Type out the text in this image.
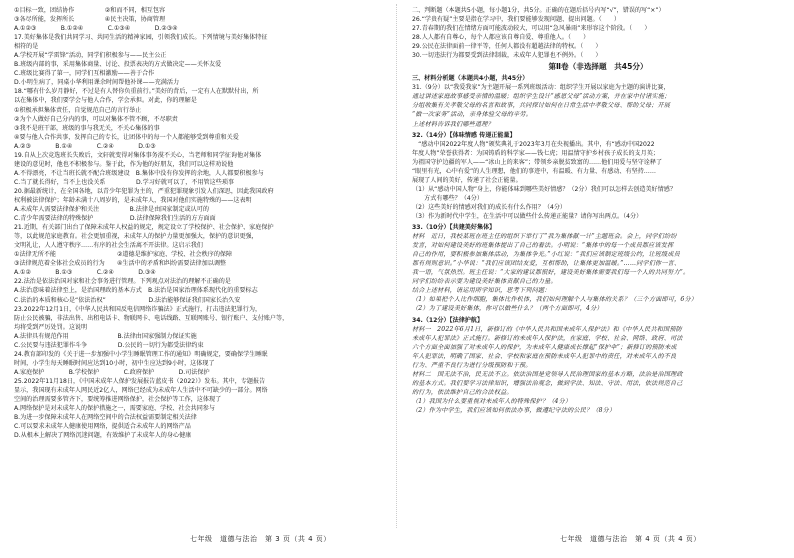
①目标一致，团结协作　　　　　②和而不同，相互包容
③各尽所能，发挥所长　　　　　④民主决策，协商管理
A.①②③　　　　B.①②④　　　　C.①③④　　　　D.②③④
17.美好集体是我们共同学习、共同生活的精神家园，引领我们成长。下列情境与美好集体特征
相符的是
A.学校开展“学雷锋”活动，同学们积极参与——民主公正
B.班级内部的事，采用集体商量、讨论、投票表决的方式做决定——关怀友爱
C.班级比赛得了第一，同学们互相激励——善于合作
D.小明生病了，同桌小华利用课余时间帮他补课——充满活力
18.“哪有什么岁月静好，不过是有人替你负重前行。”美好的背后，一定有人在默默付出，所
以在集体中，我们要学会与他人合作，学会承担。对此，你的理解是
①积极承担集体责任，自觉规范自己的言行举止
②为个人做好自己分内的事，可以对集体不管不顾，不尽职责
③我不是班干部，班级的事与我无关，不关心集体的事
④要与他人合作共事，发挥自己的专长，让团体中的每一个人都能够受到尊重和关爱
A.②③　　　　B.①④　　　　C.②④　　　　D.①③
19.自从上次竞选班长失败后，文轩就变得对集体事务漠不关心，当老师和同学征询他对集体
建设的意见时，他也不积极参与。鉴于此，作为他的好朋友，我们可以这样劝说他
A.不得漂亮，不让当班长就不配合班级建设　B.集体中没有你发挥的余地，人人都要积极参与
C.当了就长得好，当不上也没关系　　　　　D.学习好就可以了，不用管这些琐事
20.据最新统计，在全国各地，以青少年犯罪为主的，严重犯罪现象引发人们深思，因此我国政府
权利被法律保护；年龄未满十八周岁的，是未成年人，我国对他们实施特殊的——这表明
A.未成年人需要法律保护和关注　　　　　B.法律是由国家制定或认可的
C.青少年需要法律的特殊保护　　　　　　D.法律保障我们生活的方方面面
21.近期，有关部门出台了保障未成年人权益的规定，规定设立了学校保护、社会保护、家庭保护
等，以此规范家庭教育。社会更加重视，未成年人的保护力量更加强大，保护的意识更强，
文明礼让，人人遵守秩序……有序的社会生活离不开法律。这启示我们
①法律无所不能　　　　　　　　　　②道德是维护家庭、学校、社会秩序的保障
③法律规范着全体社会成员的行为　　④生活中的矛盾和纠纷需要法律加以调整
A.①②　　　　B.①③　　　　C.②④　　　　D.③④
22.法治是依法治国对家和社会事务进行管理。下列观点对法治的理解不正确的是
A.法治意味着法律至上，是治国理政的基本方式　B.法治是国家治理体系现代化的重要标志
C.法治的本质和核心是“依法治权”　　　　　　　D.法治能够保证我们国家长治久安
23.2022年12月1日，《中华人民共和国反电信网络诈骗法》正式施行，打击违法犯罪行为，
防止公民被骗，非法出售、出租电话卡、物联网卡、电话线路、互联网账号、银行账户、支付账户等，
均将受到严厉处罚。这说明
A.法律具有规范作用　　　　　　　　B.法律由国家强制力保证实施
C.公民要与违法犯罪作斗争　　　　　D.公民的一切行为都受法律约束
24.教育部印发的《关于进一步加强中小学生睡眠管理工作的通知》明确规定，要确保学生睡眠
时间，小学生每天睡眠时间应达到10小时，初中生应达到9小时，这体现了
A.家庭保护　　　　B.学校保护　　　　C.政府保护　　　　D.司法保护
25.2022年11月18日，《中国未成年人保护发展报告蓝皮书（2022）》发布。其中，专题报告
显示，我国现有未成年人网民近2亿人，网络已经成为未成年人生活中不可缺少的一部分。网络
空间的治理需要多管齐下，要统筹推进网络保护，社会保护等工作，这体现了
A.网络保护是对未成年人的保护措施之一，需要家庭、学校、社会共同参与
B.为进一步保障未成年人在网络空间中的合法权益需要制定相关法律
C.可以要求未成年人健康使用网络，提供适合未成年人的网络产品
D.从根本上解决了网络沉迷问题，有效维护了未成年人的身心健康
二、判断题（本题共5小题，每小题1分，共5分。正确的在题后括号内写“√”，错误的写“×”）
26.“学贵有疑”主要是指在学习中，我们要能够发现问题、提出问题。（　　）
27.青春期的我们在情绪方面可能波动较大，可以用“急风暴雨”来形容这个阶段。（　　）
28.人人都有自尊心，每个人都应该自尊自爱、尊重他人。（　　）
29.公民在法律面前一律平等，任何人都没有超越法律的特权。（　　）
30.一切违法行为都要受到法律制裁，未成年人犯罪也不例外。（　　）
第Ⅱ卷（非选择题　共45分）
三、材料分析题（本题共4小题，共45分）
31.（9分）以“我爱我家”为主题开展一系列班级活动：组织学生开展以家庭为主题的演讲比赛，
通过讲述家庭故事感受亲情的温暖；组织学生设计“感恩父母”活动方案，并在家中付诸实施；
分组收集有关孝敬父母的名言和故事，共同探讨如何在日常生活中孝敬父母、帮助父母；开展
“做一次家务”活动，亲身体验父母的辛劳。
上述材料告诉我们哪些道理？
32.（14分）【体味情感 传递正能量】
　“感动中国2022年度人物”颁奖典礼于2023年3月在央视播出。其中，有“感动中国2022
年度人物”荣誉获得者：为国铸盾的科学家——钱七虎；用温情守护乡村孩子成长的支月英；
为祖国守护边疆的军人——“冰山上的来客”；带领乡亲脱贫致富的……他们用爱与坚守诠释了
“眼里有光，心中有爱”的人生理想，他们的事迹中，有温暖、有力量、有感动、有坚持……
展现了人间的美好，传递了社会正能量。
（1）从“感动中国人物”身上，你能体味到哪些美好情感？（2分）我们可以怎样去创造美好情感？
　　方式有哪些？（4分）
（2）这些美好的情感对我们的成长有什么作用？（4分）
（3）作为新时代中学生，在生活中可以做些什么传递正能量？请你写出两点。（4分）
33.（10分）【共建美好集体】
材料　近日，我校某班在班主任的组织下举行了“我为集体献一计”主题班会。会上，同学们纷纷
发言，对如何建设美好的班集体提出了自己的看法。小明说：“集体中的每一个成员都应该发挥
自己的作用，要积极参加集体活动，为集体争光。”小红说：“我们应该制定班级公约，让班级成员
都有规则意识。”小华说：“我们应该团结友爱，互相帮助，让集体更加温暖。”……同学们你一言、
我一语，气氛热烈。班主任说：“大家的建议都很好，建设美好集体需要我们每一个人的共同努力”。
同学们纷纷表示要为建设美好集体贡献自己的力量。
结合上述材料，请运用所学知识，思考下列问题：
（1）如果把个人比作细胞，集体比作机体，我们如何理解个人与集体的关系？（三个方面即可，6分）
（2）为了建设美好集体，你可以做些什么？（两个方面即可，4分）
34.（12分）【法律护航】
材料一　2022年6月1日，新修订的《中华人民共和国未成年人保护法》和《中华人民共和国预防
未成年人犯罪法》正式施行。新修订的未成年人保护法，在家庭、学校、社会、网络、政府、司法
六个方面全面加强了对未成年人的保护，为未成年人健康成长撑起“保护伞”；新修订的预防未成
年人犯罪法，明确了国家、社会、学校和家庭在预防未成年人犯罪中的责任，对未成年人的不良
行为、严重不良行为进行分级预防和干预。
材料二　国无法不治，民无法不立。依法治国是党领导人民治理国家的基本方略，法治是治国理政
的基本方式。我们要学习法律知识，增强法治观念，做到学法、知法、守法、用法，依法规范自己
的行为，依法维护自己的合法权益。
（1）我国为什么要重视对未成年人的特殊保护？（4分）
（2）作为中学生，我们应该如何依法办事，做遵纪守法的公民？（8分）
七年级　道德与法治　第 3 页（共 4 页）	七年级　道德与法治　第 4 页（共 4 页）
